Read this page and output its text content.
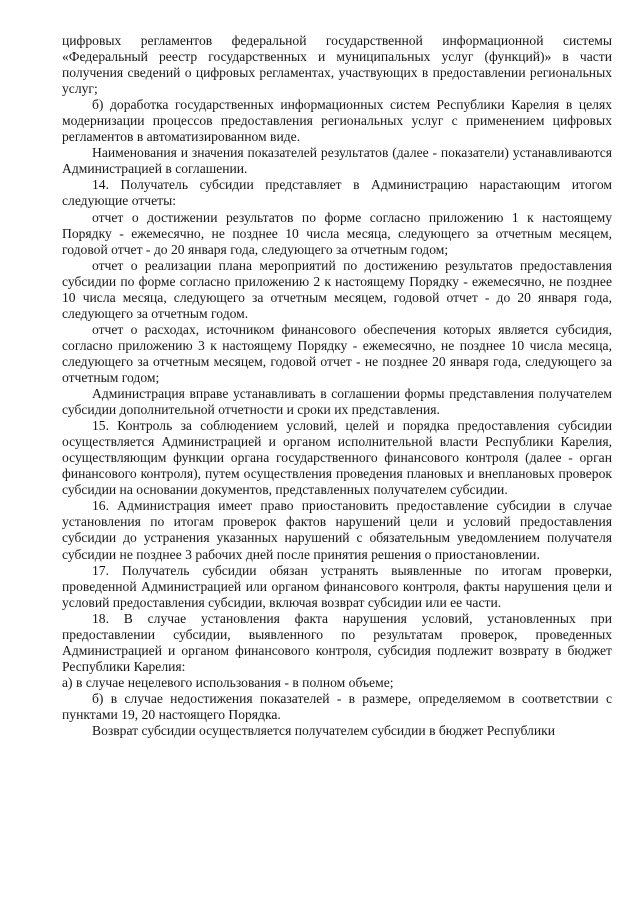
цифровых регламентов федеральной государственной информационной системы «Федеральный реестр государственных и муниципальных услуг (функций)» в части получения сведений о цифровых регламентах, участвующих в предоставлении региональных услуг;

б) доработка государственных информационных систем Республики Карелия в целях модернизации процессов предоставления региональных услуг с применением цифровых регламентов в автоматизированном виде.

Наименования и значения показателей результатов (далее - показатели) устанавливаются Администрацией в соглашении.

14. Получатель субсидии представляет в Администрацию нарастающим итогом следующие отчеты:

отчет о достижении результатов по форме согласно приложению 1 к настоящему Порядку - ежемесячно, не позднее 10 числа месяца, следующего за отчетным месяцем, годовой отчет - до 20 января года, следующего за отчетным годом;

отчет о реализации плана мероприятий по достижению результатов предоставления субсидии по форме согласно приложению 2 к настоящему Порядку - ежемесячно, не позднее 10 числа месяца, следующего за отчетным месяцем, годовой отчет - до 20 января года, следующего за отчетным годом.

отчет о расходах, источником финансового обеспечения которых является субсидия, согласно приложению 3 к настоящему Порядку - ежемесячно, не позднее 10 числа месяца, следующего за отчетным месяцем, годовой отчет - не позднее 20 января года, следующего за отчетным годом;

Администрация вправе устанавливать в соглашении формы представления получателем субсидии дополнительной отчетности и сроки их представления.

15. Контроль за соблюдением условий, целей и порядка предоставления субсидии осуществляется Администрацией и органом исполнительной власти Республики Карелия, осуществляющим функции органа государственного финансового контроля (далее - орган финансового контроля), путем осуществления проведения плановых и внеплановых проверок субсидии на основании документов, представленных получателем субсидии.

16. Администрация имеет право приостановить предоставление субсидии в случае установления по итогам проверок фактов нарушений цели и условий предоставления субсидии до устранения указанных нарушений с обязательным уведомлением получателя субсидии не позднее 3 рабочих дней после принятия решения о приостановлении.

17. Получатель субсидии обязан устранять выявленные по итогам проверки, проведенной Администрацией или органом финансового контроля, факты нарушения цели и условий предоставления субсидии, включая возврат субсидии или ее части.

18. В случае установления факта нарушения условий, установленных при предоставлении субсидии, выявленного по результатам проверок, проведенных Администрацией и органом финансового контроля, субсидия подлежит возврату в бюджет Республики Карелия:

а) в случае нецелевого использования - в полном объеме;

б) в случае недостижения показателей - в размере, определяемом в соответствии с пунктами 19, 20 настоящего Порядка.

Возврат субсидии осуществляется получателем субсидии в бюджет Республики
